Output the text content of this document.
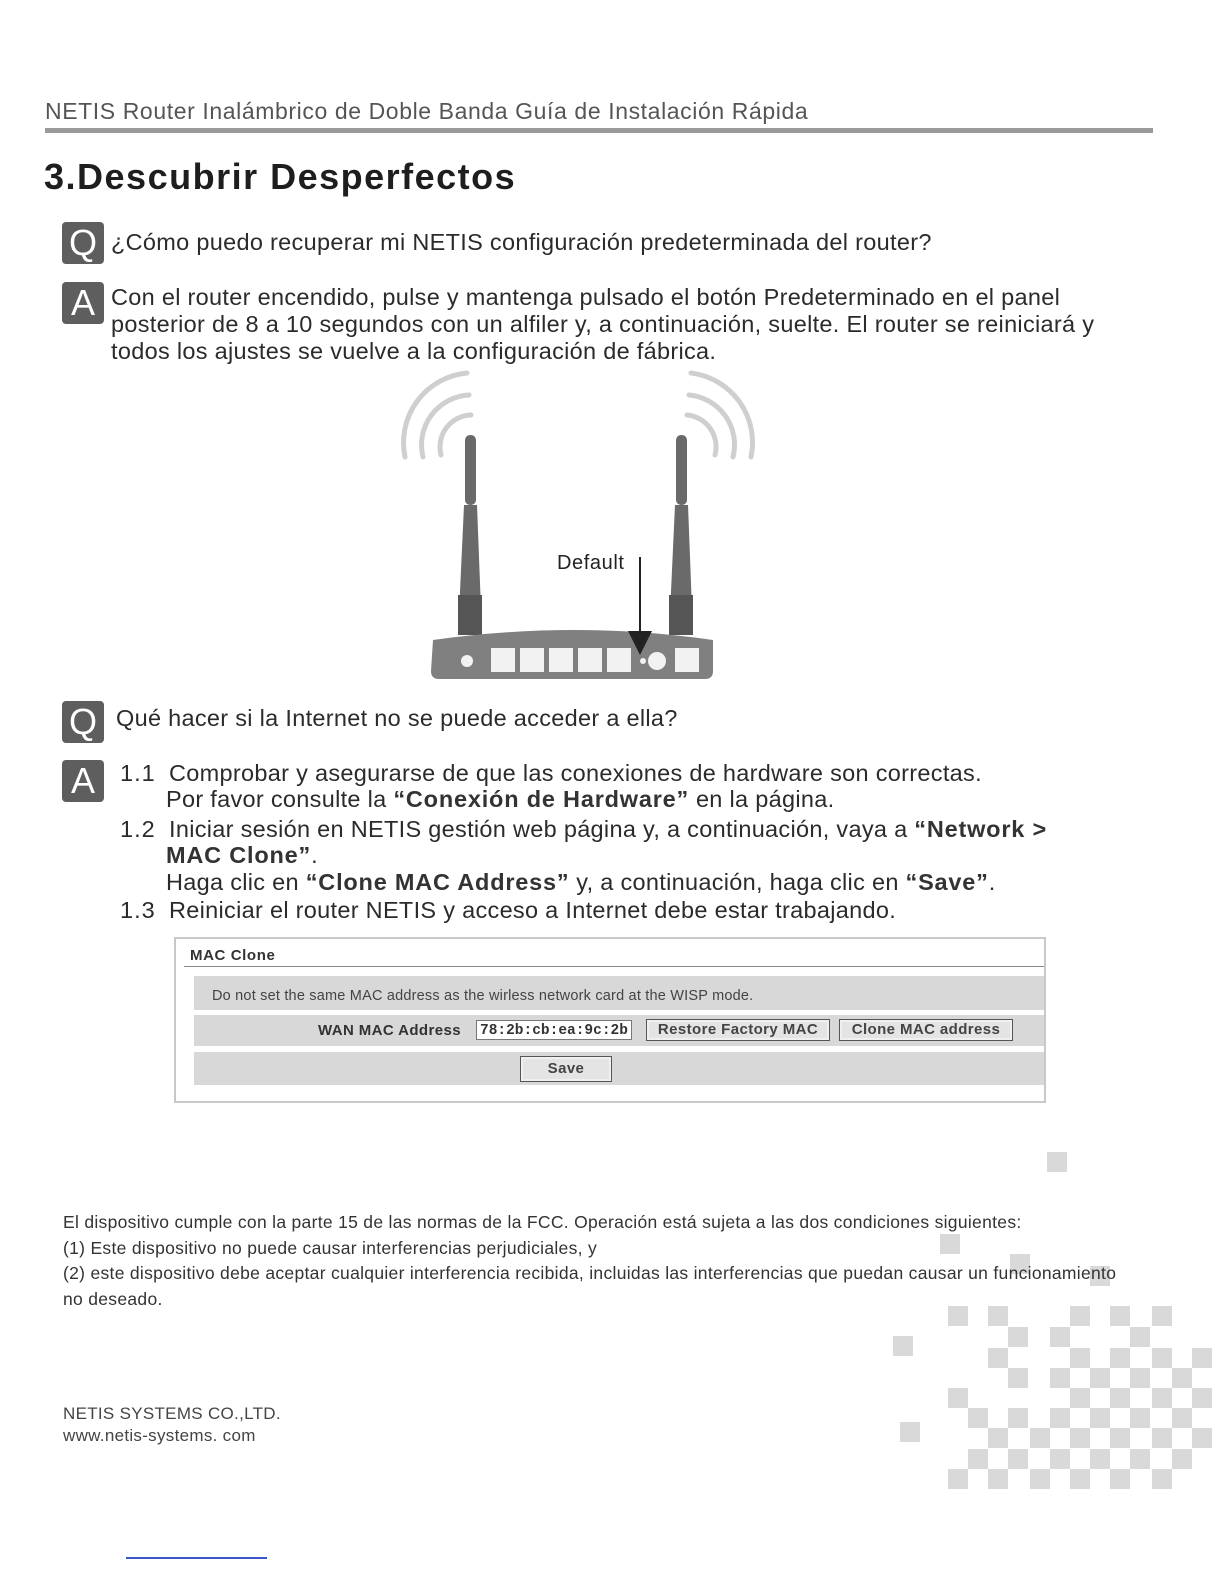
NETIS Router Inalámbrico de Doble Banda Guía de Instalación Rápida
3.Descubrir Desperfectos
Q ¿Cómo puedo recuperar mi NETIS configuración predeterminada del router?
A Con el router encendido, pulse y mantenga pulsado el botón Predeterminado en el panel posterior de 8 a 10 segundos con un alfiler y, a continuación, suelte. El router se reiniciará y todos los ajustes se vuelve a la configuración de fábrica.
Default
Q Qué hacer si la Internet no se puede acceder a ella?
A	1.1 Comprobar y asegurarse de que las conexiones de hardware son correctas.
Por favor consulte la “Conexión de Hardware” en la página.
1.2 Iniciar sesión en NETIS gestión web página y, a continuación, vaya a “Network >
MAC Clone”.
Haga clic en “Clone MAC Address” y, a continuación, haga clic en “Save”.
1.3 Reiniciar el router NETIS y acceso a Internet debe estar trabajando.
MAC Clone
Do not set the same MAC address as the wirless network card at the WISP mode.
WAN MAC Address 78:2b:cb:ea:9c:2b	Restore Factory MAC	Clone MAC address
Save
El dispositivo cumple con la parte 15 de las normas de la FCC. Operación está sujeta a las dos condiciones siguientes:
(1) Este dispositivo no puede causar interferencias perjudiciales, y
(2) este dispositivo debe aceptar cualquier interferencia recibida, incluidas las interferencias que puedan causar un funcionamiento no deseado.
NETIS SYSTEMS CO.,LTD.
www.netis-systems. com
